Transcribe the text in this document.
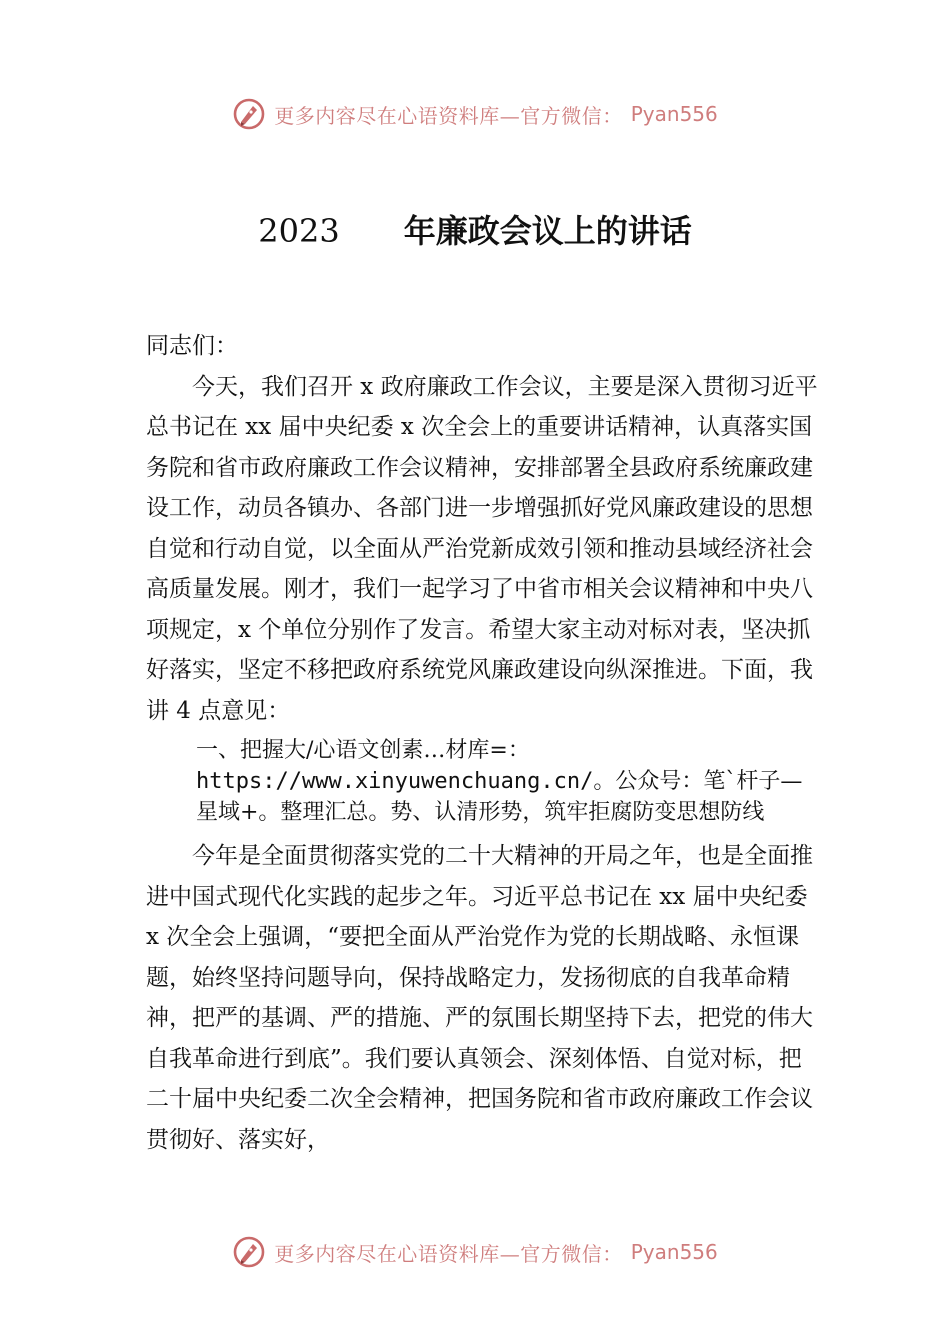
更多内容尽在心语资料库—官方微信： Pyan556
2023 年廉政会议上的讲话

同志们：

今天，我们召开 x 政府廉政工作会议，主要是深入贯彻习近平总书记在 xx 届中央纪委 x 次全会上的重要讲话精神，认真落实国务院和省市政府廉政工作会议精神，安排部署全县政府系统廉政建设工作，动员各镇办、各部门进一步增强抓好党风廉政建设的思想自觉和行动自觉，以全面从严治党新成效引领和推动县域经济社会高质量发展。刚才，我们一起学习了中省市相关会议精神和中央八项规定，x 个单位分别作了发言。希望大家主动对标对表，坚决抓好落实，坚定不移把政府系统党风廉政建设向纵深推进。下面，我讲 4 点意见：

一、把握大/心语文创素…材库=：https://www.xinyuwenchuang.cn/。公众号：笔`杆子—星域+。整理汇总。势、认清形势，筑牢拒腐防变思想防线

今年是全面贯彻落实党的二十大精神的开局之年，也是全面推进中国式现代化实践的起步之年。习近平总书记在 xx 届中央纪委 x 次全会上强调，“要把全面从严治党作为党的长期战略、永恒课题，始终坚持问题导向，保持战略定力，发扬彻底的自我革命精神，把严的基调、严的措施、严的氛围长期坚持下去，把党的伟大自我革命进行到底”。我们要认真领会、深刻体悟、自觉对标，把二十届中央纪委二次全会精神，把国务院和省市政府廉政工作会议贯彻好、落实好，

更多内容尽在心语资料库—官方微信： Pyan556
